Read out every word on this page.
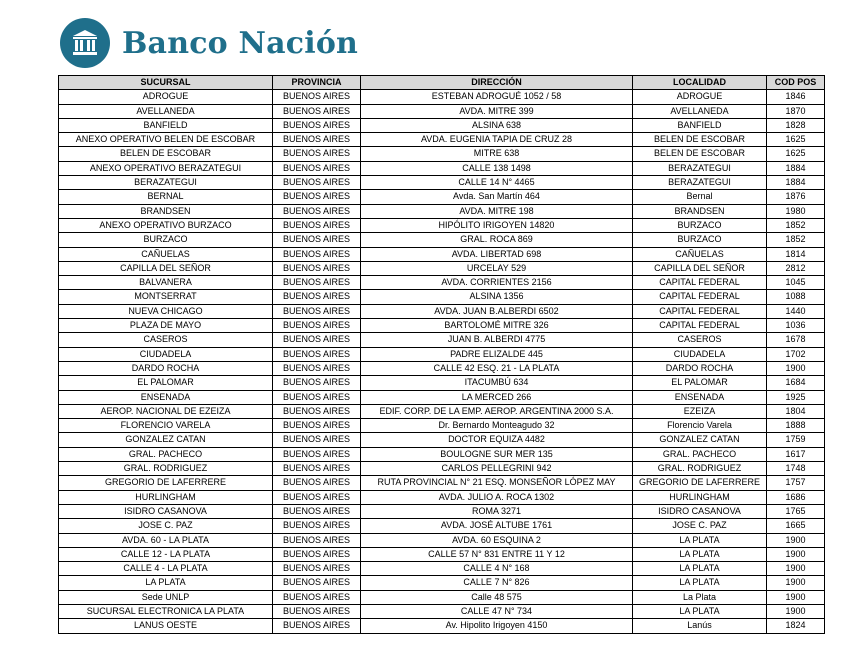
Banco Nación
SUCURSAL	PROVINCIA	DIRECCIÓN	LOCALIDAD	COD POS
ADROGUE	BUENOS AIRES	ESTEBAN ADROGUÉ 1052 / 58	ADROGUE	1846
AVELLANEDA	BUENOS AIRES	AVDA. MITRE 399	AVELLANEDA	1870
BANFIELD	BUENOS AIRES	ALSINA 638	BANFIELD	1828
ANEXO OPERATIVO BELEN DE ESCOBAR	BUENOS AIRES	AVDA. EUGENIA TAPIA DE CRUZ 28	BELEN DE ESCOBAR	1625
BELEN DE ESCOBAR	BUENOS AIRES	MITRE 638	BELEN DE ESCOBAR	1625
ANEXO OPERATIVO BERAZATEGUI	BUENOS AIRES	CALLE 138 1498	BERAZATEGUI	1884
BERAZATEGUI	BUENOS AIRES	CALLE 14 N° 4465	BERAZATEGUI	1884
BERNAL	BUENOS AIRES	Avda. San Martín 464	Bernal	1876
BRANDSEN	BUENOS AIRES	AVDA. MITRE 198	BRANDSEN	1980
ANEXO OPERATIVO BURZACO	BUENOS AIRES	HIPÓLITO IRIGOYEN 14820	BURZACO	1852
BURZACO	BUENOS AIRES	GRAL. ROCA 869	BURZACO	1852
CAÑUELAS	BUENOS AIRES	AVDA. LIBERTAD 698	CAÑUELAS	1814
CAPILLA DEL SEÑOR	BUENOS AIRES	URCELAY 529	CAPILLA DEL SEÑOR	2812
BALVANERA	BUENOS AIRES	AVDA. CORRIENTES 2156	CAPITAL FEDERAL	1045
MONTSERRAT	BUENOS AIRES	ALSINA 1356	CAPITAL FEDERAL	1088
NUEVA CHICAGO	BUENOS AIRES	AVDA. JUAN B.ALBERDI 6502	CAPITAL FEDERAL	1440
PLAZA DE MAYO	BUENOS AIRES	BARTOLOMÉ MITRE 326	CAPITAL FEDERAL	1036
CASEROS	BUENOS AIRES	JUAN B. ALBERDI 4775	CASEROS	1678
CIUDADELA	BUENOS AIRES	PADRE ELIZALDE 445	CIUDADELA	1702
DARDO ROCHA	BUENOS AIRES	CALLE 42 ESQ. 21 - LA PLATA	DARDO ROCHA	1900
EL PALOMAR	BUENOS AIRES	ITACUMBÚ 634	EL PALOMAR	1684
ENSENADA	BUENOS AIRES	LA MERCED 266	ENSENADA	1925
AEROP. NACIONAL DE EZEIZA	BUENOS AIRES	EDIF. CORP. DE LA EMP. AEROP. ARGENTINA 2000 S.A.	EZEIZA	1804
FLORENCIO VARELA	BUENOS AIRES	Dr. Bernardo Monteagudo 32	Florencio Varela	1888
GONZALEZ CATAN	BUENOS AIRES	DOCTOR EQUIZA 4482	GONZALEZ CATAN	1759
GRAL. PACHECO	BUENOS AIRES	BOULOGNE SUR MER 135	GRAL. PACHECO	1617
GRAL. RODRIGUEZ	BUENOS AIRES	CARLOS PELLEGRINI 942	GRAL. RODRIGUEZ	1748
GREGORIO DE LAFERRERE	BUENOS AIRES	RUTA PROVINCIAL N° 21 ESQ. MONSEÑOR LÓPEZ MAY	GREGORIO DE LAFERRERE	1757
HURLINGHAM	BUENOS AIRES	AVDA. JULIO A. ROCA 1302	HURLINGHAM	1686
ISIDRO CASANOVA	BUENOS AIRES	ROMA 3271	ISIDRO CASANOVA	1765
JOSE C. PAZ	BUENOS AIRES	AVDA. JOSÉ ALTUBE 1761	JOSE C. PAZ	1665
AVDA. 60 - LA PLATA	BUENOS AIRES	AVDA. 60 ESQUINA 2	LA PLATA	1900
CALLE 12 - LA PLATA	BUENOS AIRES	CALLE 57 N° 831 ENTRE 11 Y 12	LA PLATA	1900
CALLE 4 - LA PLATA	BUENOS AIRES	CALLE 4 N° 168	LA PLATA	1900
LA PLATA	BUENOS AIRES	CALLE 7 N° 826	LA PLATA	1900
Sede UNLP	BUENOS AIRES	Calle 48 575	La Plata	1900
SUCURSAL ELECTRONICA LA PLATA	BUENOS AIRES	CALLE 47 N° 734	LA PLATA	1900
LANUS OESTE	BUENOS AIRES	Av. Hipolito Irigoyen 4150	Lanús	1824
